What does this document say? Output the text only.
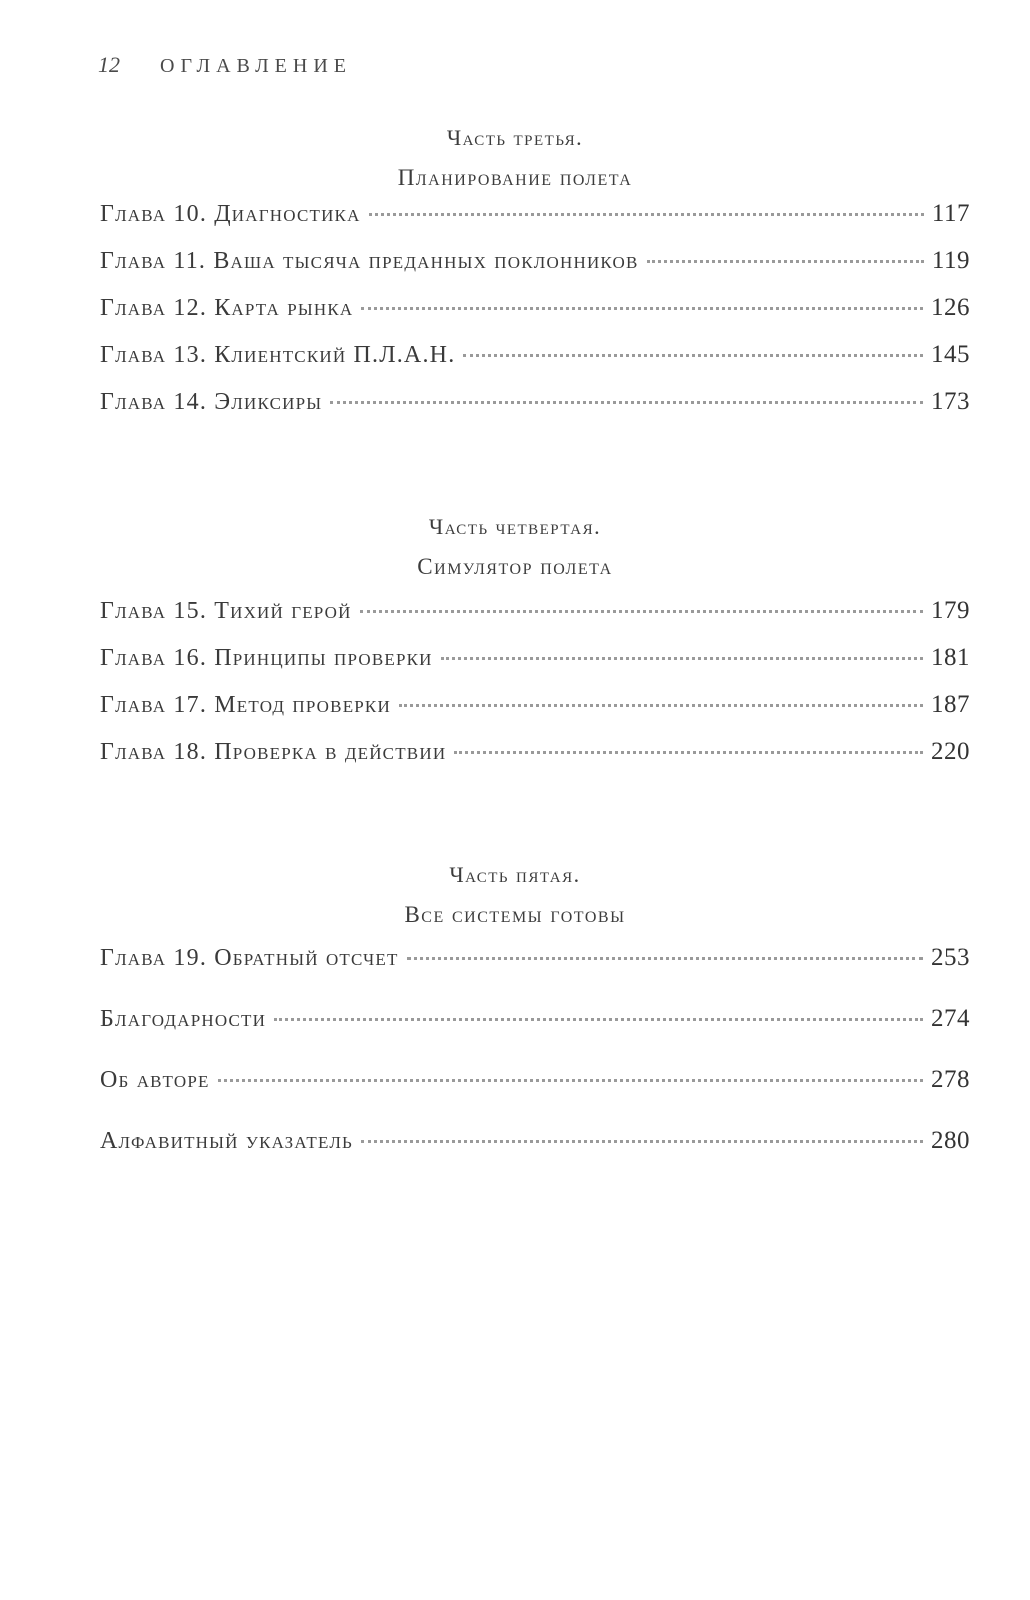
12 ОГЛАВЛЕНИЕ
Часть третья.
Планирование полета
Глава 10. Диагностика	117
Глава 11. Ваша тысяча преданных поклонников	119
Глава 12. Карта рынка	126
Глава 13. Клиентский П.Л.А.Н.	145
Глава 14. Эликсиры	173
Часть четвертая.
Симулятор полета
Глава 15. Тихий герой	179
Глава 16. Принципы проверки	181
Глава 17. Метод проверки	187
Глава 18. Проверка в действии	220
Часть пятая.
Все системы готовы
Глава 19. Обратный отсчет	253
Благодарности	274
Об авторе	278
Алфавитный указатель	280
